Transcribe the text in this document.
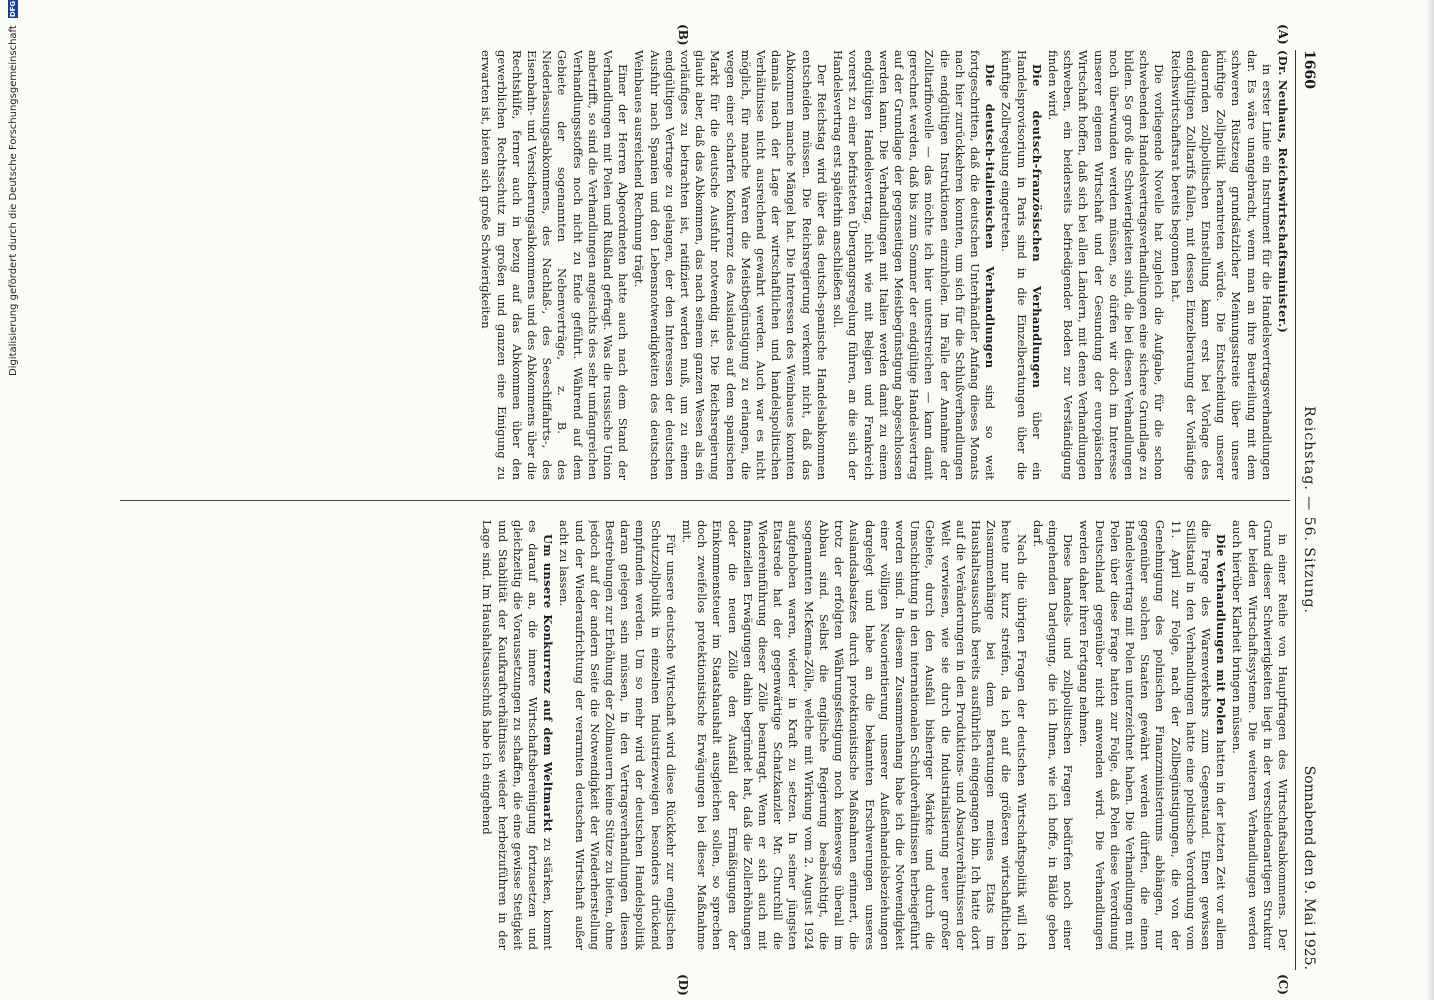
1660
Reichstag. — 56. Sitzung.
Sonnabend den 9. Mai 1925.
(A)
(B)
(C)
(D)

(Dr. Neuhaus, Reichswirtschaftsminister.)

in erster Linie ein Instrument für die Handelsvertragsverhandlungen dar. Es wäre unangebracht, wenn man an ihre Beurteilung mit dem schweren Rüstzeug grundsätzlicher Meinungsstreite über unsere künftige Zollpolitik herantreten würde. Die Entscheidung unserer dauernden zollpolitischen Einstellung kann erst bei Vorlage des endgültigen Zolltarifs fallen, mit dessen Einzelberatung der Vorläufige Reichswirtschaftsrat bereits begonnen hat.

Die vorliegende Novelle hat zugleich die Aufgabe, für die schon schwebenden Handelsvertragsverhandlungen eine sichere Grundlage zu bilden. So groß die Schwierigkeiten sind, die bei diesen Verhandlungen noch überwunden werden müssen, so dürfen wir doch im Interesse unserer eigenen Wirtschaft und der Gesundung der europäischen Wirtschaft hoffen, daß sich bei allen Ländern, mit denen Verhandlungen schweben, ein beiderseits befriedigender Boden zur Verständigung finden wird.

Die deutsch-französischen Verhandlungen über ein Handelsprovisorium in Paris sind in die Einzelberatungen über die künftige Zollregelung eingetreten.

Die deutsch-italienischen Verhandlungen sind so weit fortgeschritten, daß die deutschen Unterhändler Anfang dieses Monats nach hier zurückkehren konnten, um sich für die Schlußverhandlungen die endgültigen Instruktionen einzuholen. Im Falle der Annahme der Zolltarifnovelle — das möchte ich hier unterstreichen — kann damit gerechnet werden, daß bis zum Sommer der endgültige Handelsvertrag auf der Grundlage der gegenseitigen Meistbegünstigung abgeschlossen werden kann. Die Verhandlungen mit Italien werden damit zu einem endgültigen Handelsvertrag, nicht wie mit Belgien und Frankreich vorerst zu einer befristeten Übergangsregelung führen, an die sich der Handelsvertrag erst späterhin anschließen soll.

Der Reichstag wird über das deutsch-spanische Handelsabkommen entscheiden müssen. Die Reichsregierung verkennt nicht, daß das Abkommen manche Mängel hat. Die Interessen des Weinbaues konnten damals nach der Lage der wirtschaftlichen und handelspolitischen Verhältnisse nicht ausreichend gewahrt werden. Auch war es nicht möglich, für manche Waren die Meistbegünstigung zu erlangen, die wegen einer scharfen Konkurrenz des Auslandes auf dem spanischen Markt für die deutsche Ausfuhr notwendig ist. Die Reichsregierung glaubt aber, daß das Abkommen, das nach seinem ganzen Wesen als ein vorläufiges zu betrachten ist, ratifiziert werden muß, um zu einem endgültigen Vertrage zu gelangen, der den Interessen der deutschen Ausfuhr nach Spanien und den Lebensnotwendigkeiten des deutschen Weinbaues ausreichend Rechnung trägt.

Einer der Herren Abgeordneten hatte auch nach dem Stand der Verhandlungen mit Polen und Rußland gefragt. Was die russische Union anbetrifft, so sind die Verhandlungen angesichts des sehr umfangreichen Verhandlungsstoffes noch nicht zu Ende geführt. Während auf dem Gebiete der sogenannten Nebenverträge, z. B. des Niederlassungsabkommens, des Nachlaß-, des Seeschiffahrts-, des Eisenbahn- und Versicherungsabkommens und des Abkommens über die Rechtshilfe, ferner auch in bezug auf das Abkommen über den gewerblichen Rechtsschutz im großen und ganzen eine Einigung zu erwarten ist, bieten sich große Schwierigkeiten

in einer Reihe von Hauptfragen des Wirtschaftsabkommens. Der Grund dieser Schwierigkeiten liegt in der verschiedenartigen Struktur der beiden Wirtschaftssysteme. Die weiteren Verhandlungen werden auch hierüber Klarheit bringen müssen.

Die Verhandlungen mit Polen hatten in der letzten Zeit vor allem die Frage des Warenverkehrs zum Gegenstand. Einen gewissen Stillstand in den Verhandlungen hatte eine polnische Verordnung vom 11. April zur Folge, nach der Zollbegünstigungen, die von der Genehmigung des polnischen Finanzministeriums abhängen, nur gegenüber solchen Staaten gewährt werden dürfen, die einen Handelsvertrag mit Polen unterzeichnet haben. Die Verhandlungen mit Polen über diese Frage hatten zur Folge, daß Polen diese Verordnung Deutschland gegenüber nicht anwenden wird. Die Verhandlungen werden daher ihren Fortgang nehmen.

Diese handels- und zollpolitischen Fragen bedürfen noch einer eingehenden Darlegung, die ich Ihnen, wie ich hoffe, in Bälde geben darf.

Nach die übrigen Fragen der deutschen Wirtschaftspolitik will ich heute nur kurz streifen, da ich auf die größeren wirtschaftlichen Zusammenhänge bei dem Beratungen meines Etats im Haushaltsausschuß bereits ausführlich eingegangen bin. Ich hatte dort auf die Veränderungen in den Produktions- und Absatzverhältnissen der Welt verwiesen, wie sie durch die Industrialisierung neuer großer Gebiete, durch den Ausfall bisheriger Märkte und durch die Umschichtung in den internationalen Schuldverhältnissen herbeigeführt worden sind. In diesem Zusammenhang habe ich die Notwendigkeit einer völligen Neuorientierung unserer Außenhandelsbeziehungen dargelegt und habe an die bekannten Erschwerungen unseres Auslandsabsatzes durch protektionistische Maßnahmen erinnert, die trotz der erfolgten Währungsfestigung noch keineswegs überall im Abbau sind. Selbst die englische Regierung beabsichtigt, die sogenannten McKenna-Zölle, welche mit Wirkung vom 2. August 1924 aufgehoben waren, wieder in Kraft zu setzen. In seiner jüngsten Etatsrede hat der gegenwärtige Schatzkanzler Mr. Churchill die Wiedereinführung dieser Zölle beantragt. Wenn er sich auch mit finanziellen Erwägungen dahin begründet hat, daß die Zollerhöhungen oder die neuen Zölle den Ausfall der Ermäßigungen der Einkommensteuer im Staatshaushalt ausgleichen sollen, so sprechen doch zweifellos protektionistische Erwägungen bei dieser Maßnahme mit.

Für unsere deutsche Wirtschaft wird diese Rückkehr zur englischen Schutzzollpolitik in einzelnen Industriezweigen besonders drückend empfunden werden. Um so mehr wird der deutschen Handelspolitik daran gelegen sein müssen, in den Vertragsverhandlungen diesen Bestrebungen zur Erhöhung der Zollmauern keine Stütze zu bieten, ohne jedoch auf der andern Seite die Notwendigkeit der Wiederherstellung und der Wiederaufrichtung der verarmten deutschen Wirtschaft außer acht zu lassen.

Um unsere Konkurrenz auf dem Weltmarkt zu stärken, kommt es darauf an, die innere Wirtschaftsbereinigung fortzusetzen und gleichzeitig die Voraussetzungen zu schaffen, die eine gewisse Stetigkeit und Stabilität der Kaufkraftverhältnisse wieder herbeizuführen in der Lage sind. Im Haushaltsausschuß habe ich eingehend

Digitalisierung gefördert durch die Deutsche Forschungsgemeinschaft DFG
